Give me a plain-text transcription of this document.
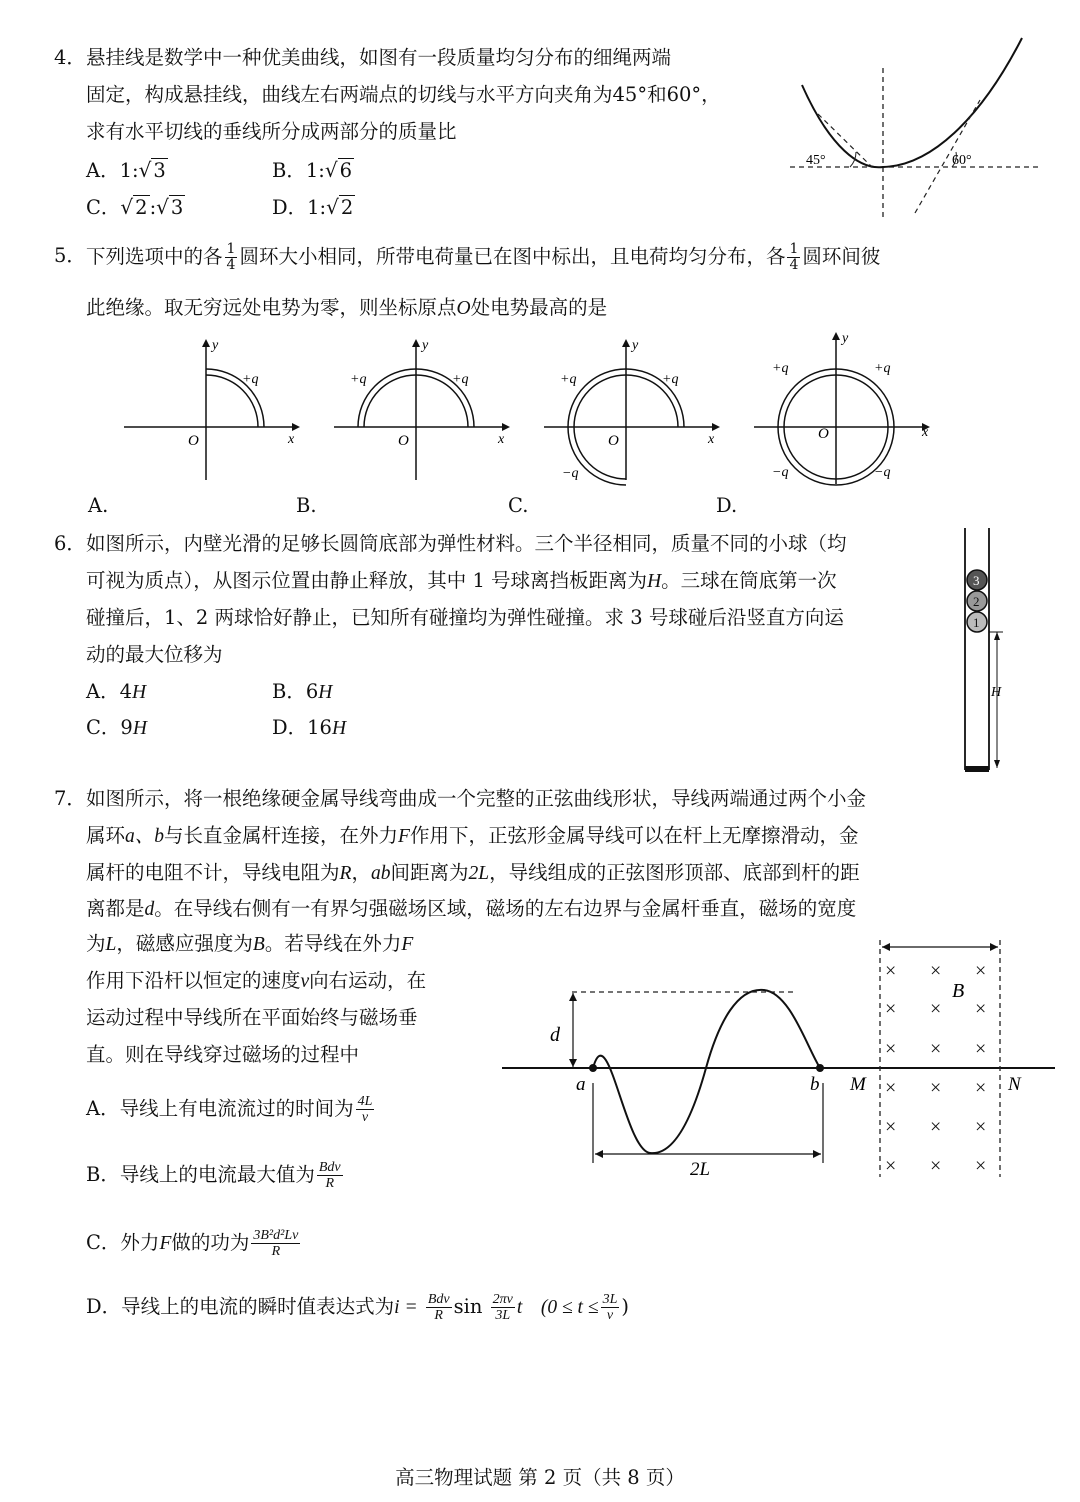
4． 悬挂线是数学中一种优美曲线，如图有一段质量均匀分布的细绳两端
固定，构成悬挂线，曲线左右两端点的切线与水平方向夹角为45°和60°，
求有水平切线的垂线所分成两部分的质量比
A．1:√ 3	B．1:√ 6
C．√ 2 :√ 3	D．1:√ 2
45°	60°
5． 下列选项中的各 $\frac{1}{4}$ 圆环大小相同，所带电荷量已在图中标出，且电荷均匀分布，各 $\frac{1}{4}$ 圆环间彼
此绝缘。取无穷远处电势为零，则坐标原点O处电势最高的是
y
x
O
+q
A.
y
x
O
+q	+q
B.
y
x
O
+q	+q
−q
C.
y
x
O
+q	+q
−q	−q
D.
6． 如图所示，内壁光滑的足够长圆筒底部为弹性材料。三个半径相同，质量不同的小球（均
可视为质点），从图示位置由静止释放，其中 1 号球离挡板距离为H。三球在筒底第一次
碰撞后，1、2 两球恰好静止，已知所有碰撞均为弹性碰撞。求 3 号球碰后沿竖直方向运
动的最大位移为
A．4H	B．6H
C．9H	D．16H
3
2
1
H
7． 如图所示，将一根绝缘硬金属导线弯曲成一个完整的正弦曲线形状，导线两端通过两个小金
属环a、b与长直金属杆连接，在外力F作用下，正弦形金属导线可以在杆上无摩擦滑动，金
属杆的电阻不计，导线电阻为R，ab间距离为2L，导线组成的正弦图形顶部、底部到杆的距
离都是d。在导线右侧有一有界匀强磁场区域，磁场的左右边界与金属杆垂直，磁场的宽度
为L，磁感应强度为B。若导线在外力F
作用下沿杆以恒定的速度v向右运动，在
运动过程中导线所在平面始终与磁场垂
直。则在导线穿过磁场的过程中
A．导线上有电流流过的时间为 $\frac{4L}{v}$
B．导线上的电流最大值为 $\frac{\text{Bdv}}{R}$
C．外力F做的功为 $\frac{\text{3B²d²Lv}}{R}$
D．导线上的电流的瞬时值表达式为$i = \frac{\text{Bdv}}{R}$ $\sin \frac{2\pi v}{3L}$ t ($0 \le t \le \frac{3L}{v}$ )
d
2L
a	b M	N
B
× × ×
× × ×
× × ×
× × ×
× × ×
× × ×
高三物理试题 第 2 页（共 8 页）
